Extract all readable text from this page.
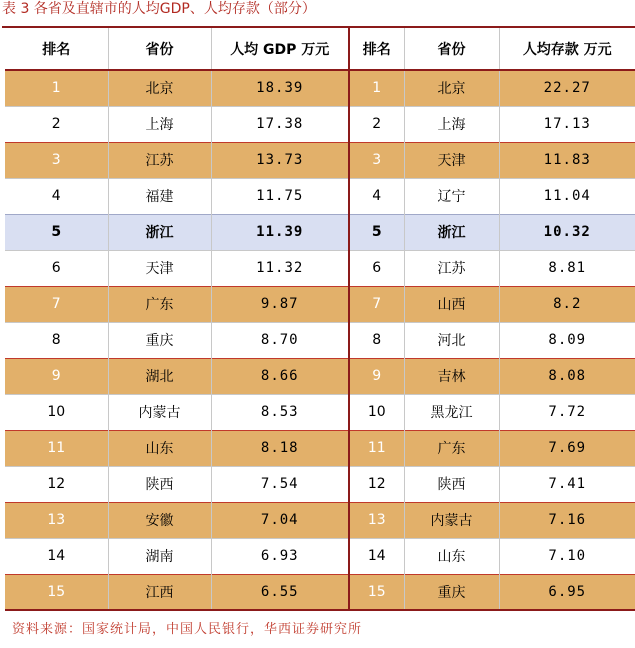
表 3 各省及直辖市的人均GDP、人均存款（部分）
排名	省份	人均 GDP 万元	排名	省份	人均存款 万元
1	北京	18.39	1	北京	22.27
2	上海	17.38	2	上海	17.13
3	江苏	13.73	3	天津	11.83
4	福建	11.75	4	辽宁	11.04
5	浙江	11.39	5	浙江	10.32
6	天津	11.32	6	江苏	8.81
7	广东	9.87	7	山西	8.2
8	重庆	8.70	8	河北	8.09
9	湖北	8.66	9	吉林	8.08
10	内蒙古	8.53	10	黑龙江	7.72
11	山东	8.18	11	广东	7.69
12	陕西	7.54	12	陕西	7.41
13	安徽	7.04	13	内蒙古	7.16
14	湖南	6.93	14	山东	7.10
15	江西	6.55	15	重庆	6.95
资料来源：国家统计局，中国人民银行，华西证券研究所
